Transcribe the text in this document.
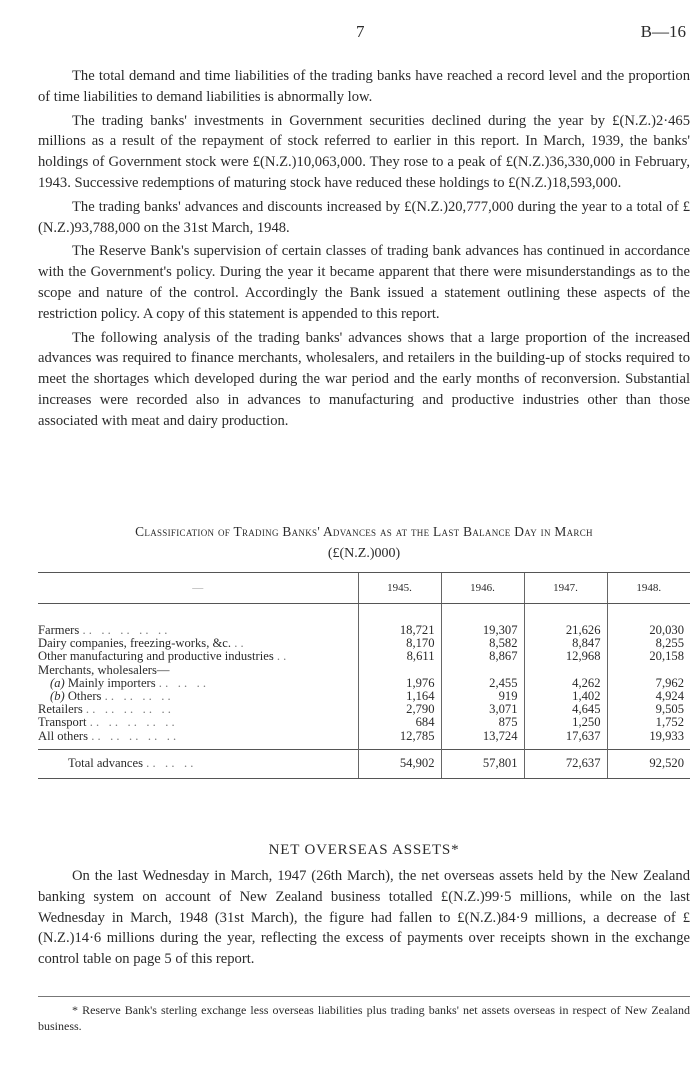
7	B—16

The total demand and time liabilities of the trading banks have reached a record level and the proportion of time liabilities to demand liabilities is abnormally low.

The trading banks' investments in Government securities declined during the year by £(N.Z.)2·465 millions as a result of the repayment of stock referred to earlier in this report. In March, 1939, the banks' holdings of Government stock were £(N.Z.)10,063,000. They rose to a peak of £(N.Z.)36,330,000 in February, 1943. Successive redemptions of maturing stock have reduced these holdings to £(N.Z.)18,593,000.

The trading banks' advances and discounts increased by £(N.Z.)20,777,000 during the year to a total of £(N.Z.)93,788,000 on the 31st March, 1948.

The Reserve Bank's supervision of certain classes of trading bank advances has continued in accordance with the Government's policy. During the year it became apparent that there were misunderstandings as to the scope and nature of the control. Accordingly the Bank issued a statement outlining these aspects of the restriction policy. A copy of this statement is appended to this report.

The following analysis of the trading banks' advances shows that a large proportion of the increased advances was required to finance merchants, wholesalers, and retailers in the building-up of stocks required to meet the shortages which developed during the war period and the early months of reconversion. Substantial increases were recorded also in advances to manufacturing and productive industries other than those associated with meat and dairy production.

Classification of Trading Banks' Advances as at the Last Balance Day in March
(£(N.Z.)000)
—	1945.	1946.	1947.	1948.

Farmers . .   . .   . .   . .   . .	18,721	19,307	21,626	20,030
Dairy companies, freezing-works, &c. . .	8,170	8,582	8,847	8,255
Other manufacturing and productive industries . .	8,611	8,867	12,968	20,158
Merchants, wholesalers—				
(a) Mainly importers . .   . .   . .	1,976	2,455	4,262	7,962
(b) Others . .   . .   . .   . .	1,164	919	1,402	4,924
Retailers . .   . .   . .   . .   . .	2,790	3,071	4,645	9,505
Transport . .   . .   . .   . .   . .	684	875	1,250	1,752
All others . .   . .   . .   . .   . .	12,785	13,724	17,637	19,933

Total advances . .   . .   . .	54,902	57,801	72,637	92,520
NET OVERSEAS ASSETS*

On the last Wednesday in March, 1947 (26th March), the net overseas assets held by the New Zealand banking system on account of New Zealand business totalled £(N.Z.)99·5 millions, while on the last Wednesday in March, 1948 (31st March), the figure had fallen to £(N.Z.)84·9 millions, a decrease of £(N.Z.)14·6 millions during the year, reflecting the excess of payments over receipts shown in the exchange control table on page 5 of this report.

* Reserve Bank's sterling exchange less overseas liabilities plus trading banks' net assets overseas in respect of New Zealand business.
